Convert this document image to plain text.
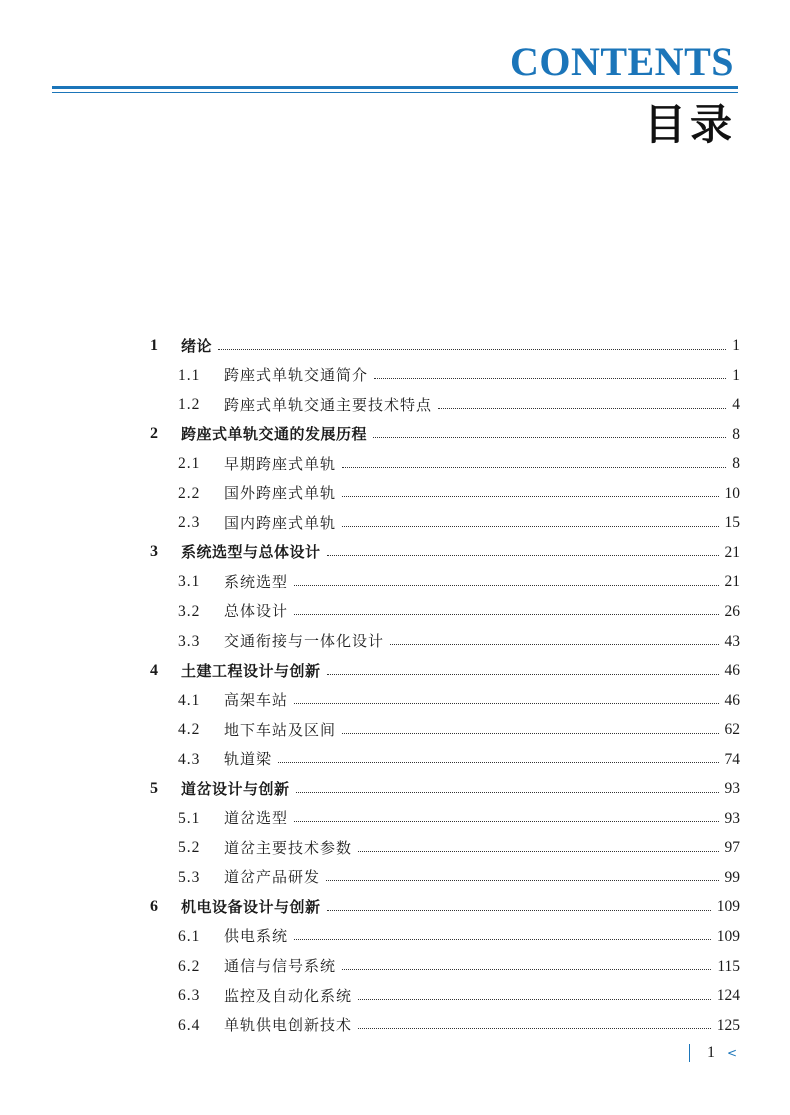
CONTENTS
目录
1	绪论	1
1.1	跨座式单轨交通简介	1
1.2	跨座式单轨交通主要技术特点	4
2	跨座式单轨交通的发展历程	8
2.1	早期跨座式单轨	8
2.2	国外跨座式单轨	10
2.3	国内跨座式单轨	15
3	系统选型与总体设计	21
3.1	系统选型	21
3.2	总体设计	26
3.3	交通衔接与一体化设计	43
4	土建工程设计与创新	46
4.1	高架车站	46
4.2	地下车站及区间	62
4.3	轨道梁	74
5	道岔设计与创新	93
5.1	道岔选型	93
5.2	道岔主要技术参数	97
5.3	道岔产品研发	99
6	机电设备设计与创新	109
6.1	供电系统	109
6.2	通信与信号系统	115
6.3	监控及自动化系统	124
6.4	单轨供电创新技术	125
1 <
